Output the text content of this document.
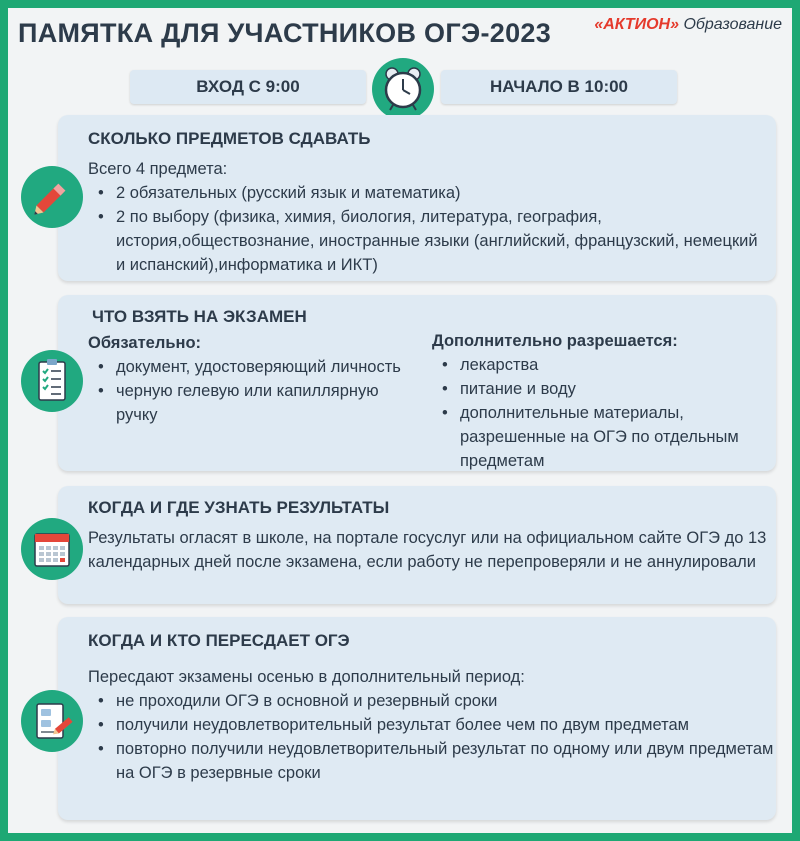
ПАМЯТКА ДЛЯ УЧАСТНИКОВ ОГЭ-2023	«АКТИОН» Образование
ВХОД С 9:00	НАЧАЛО В 10:00
СКОЛЬКО ПРЕДМЕТОВ СДАВАТЬ
Всего 4 предмета:
• 2 обязательных (русский язык и математика)
• 2 по выбору (физика, химия, биология, литература, география, история,обществознание, иностранные языки (английский, французский, немецкий и испанский),информатика и ИКТ)
ЧТО ВЗЯТЬ НА ЭКЗАМЕН
Обязательно:
• документ, удостоверяющий личность
• черную гелевую или капиллярную ручку
Дополнительно разрешается:
• лекарства
• питание и воду
• дополнительные материалы, разрешенные на ОГЭ по отдельным предметам
КОГДА И ГДЕ УЗНАТЬ РЕЗУЛЬТАТЫ
Результаты огласят в школе, на портале госуслуг или на официальном сайте ОГЭ до 13 календарных дней после экзамена, если работу не перепроверяли и не аннулировали
КОГДА И КТО ПЕРЕСДАЕТ ОГЭ
Пересдают экзамены осенью в дополнительный период:
• не проходили ОГЭ в основной и резервный сроки
• получили неудовлетворительный результат более чем по двум предметам
• повторно получили неудовлетворительный результат по одному или двум предметам на ОГЭ в резервные сроки
